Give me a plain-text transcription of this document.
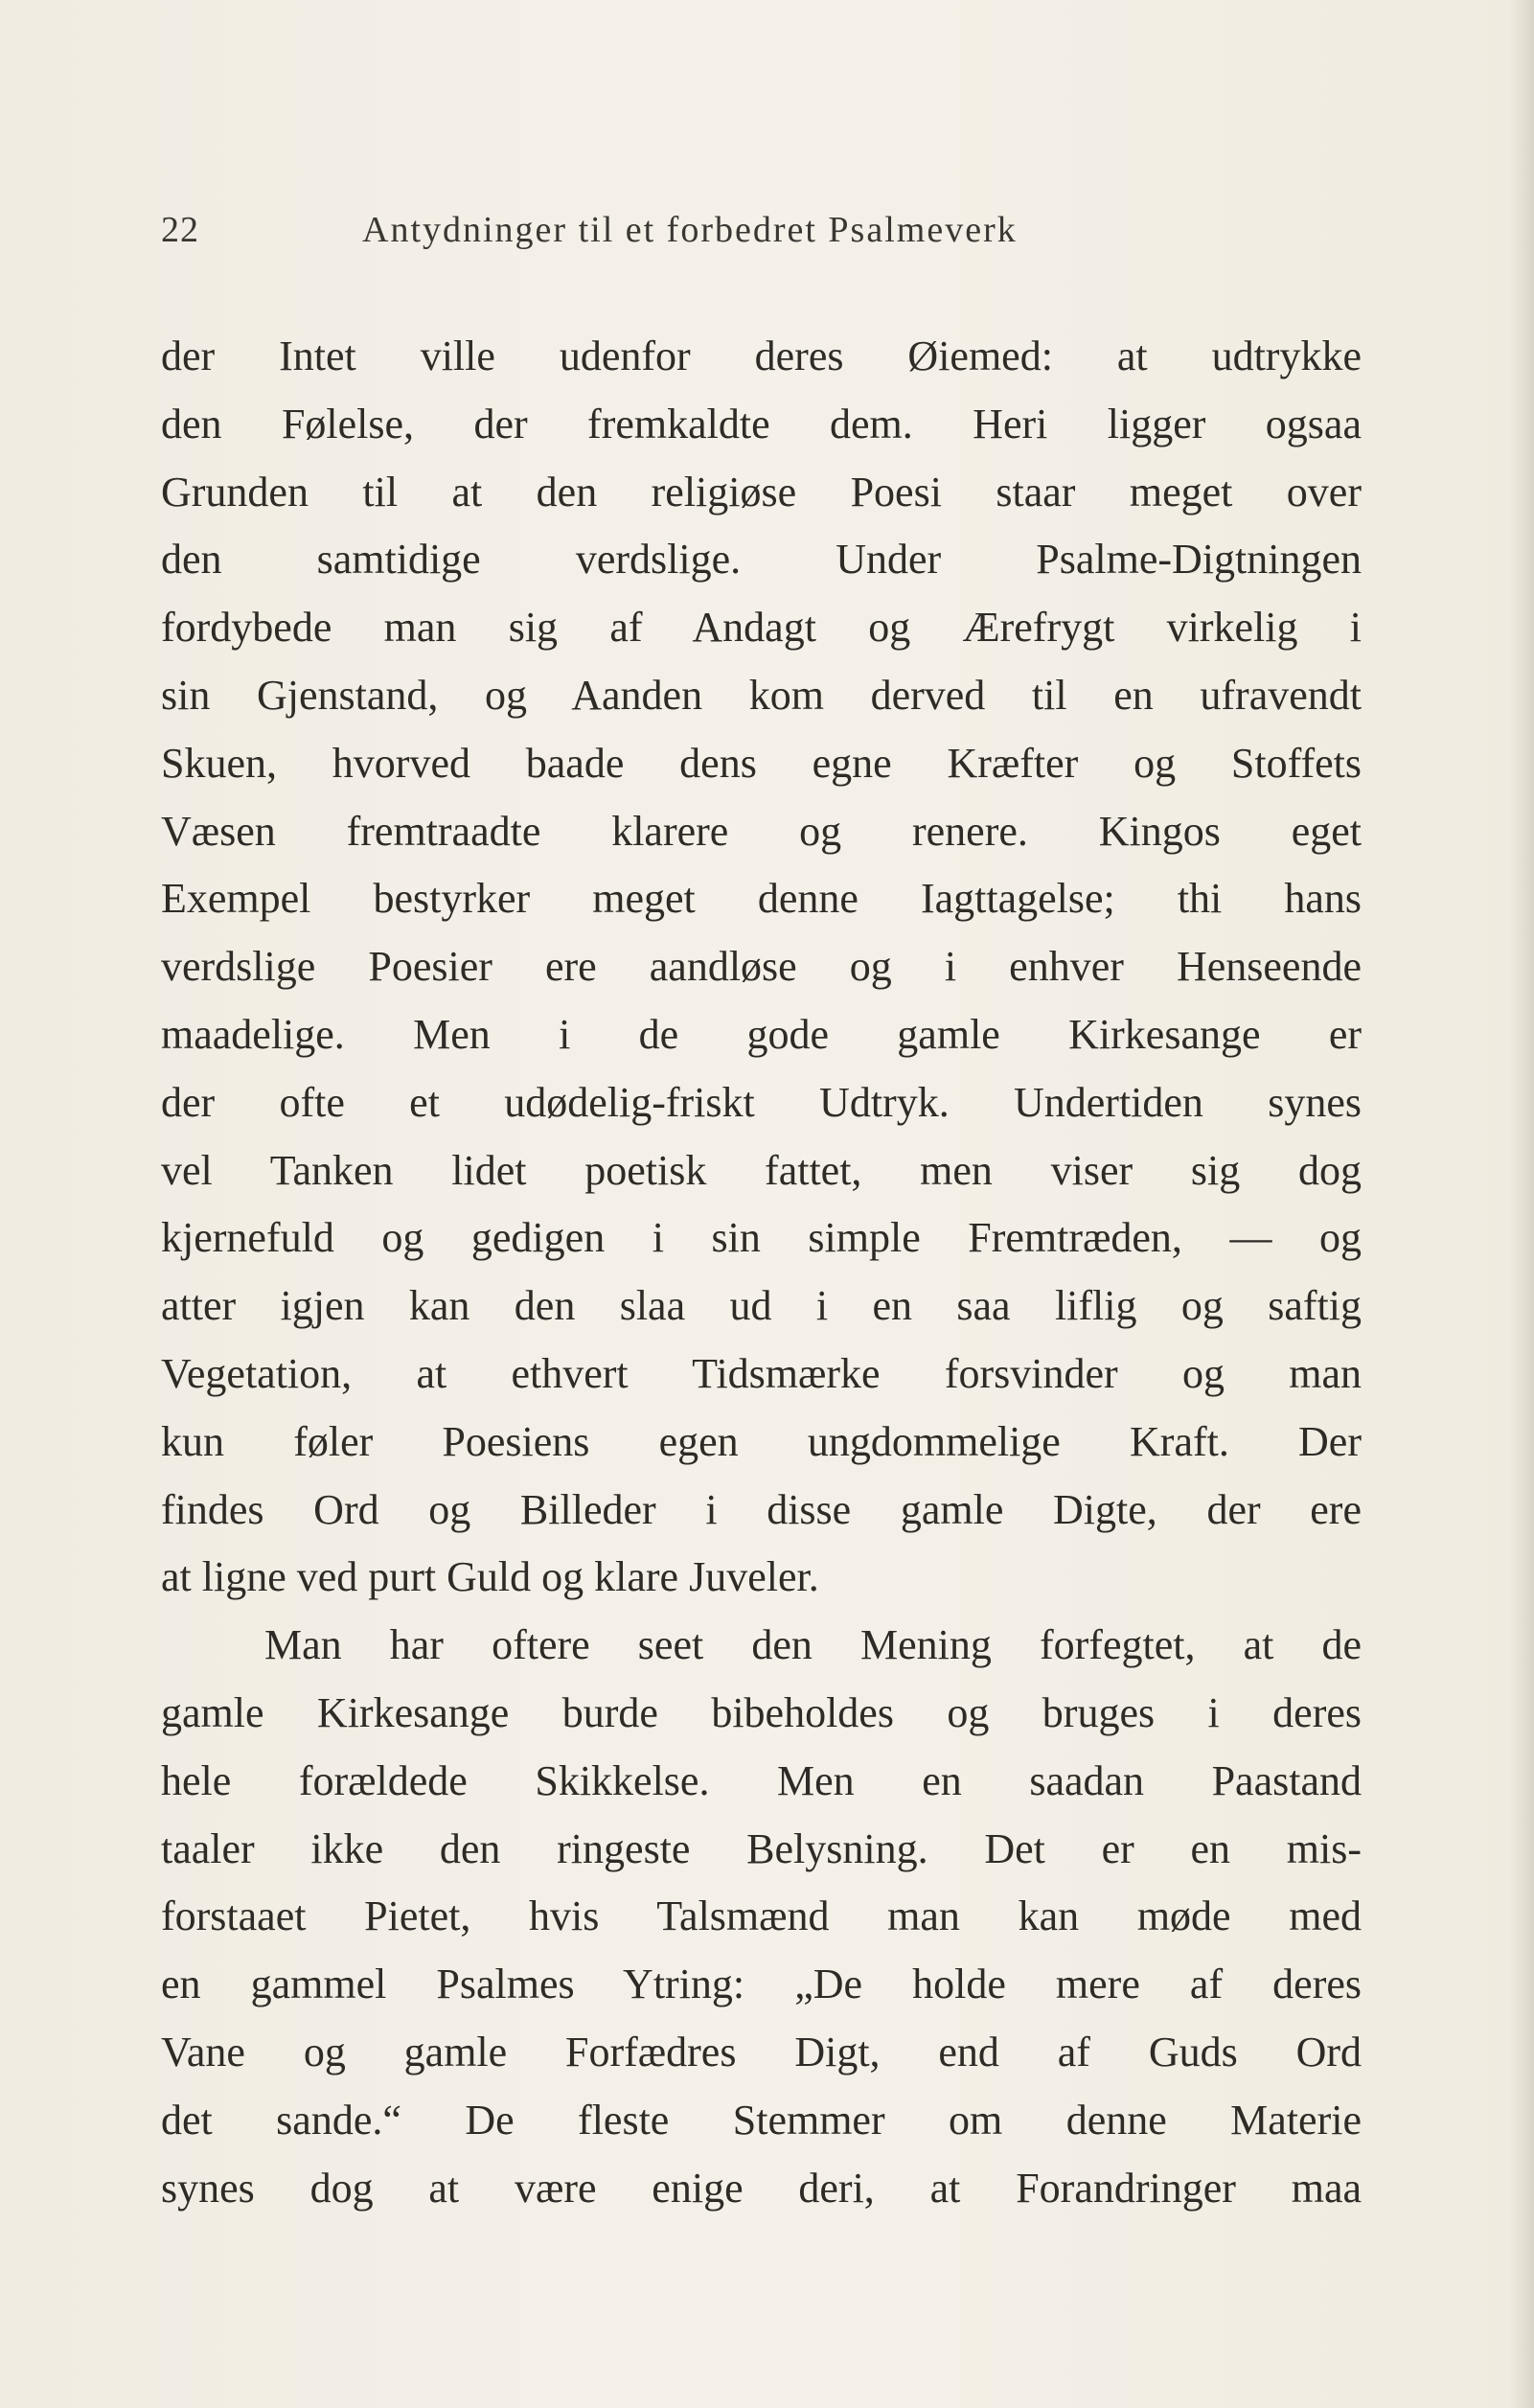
22	Antydninger til et forbedret Psalmeverk
der Intet ville udenfor deres Øiemed: at udtrykke
den Følelse, der fremkaldte dem. Heri ligger ogsaa
Grunden til at den religiøse Poesi staar meget over
den samtidige verdslige. Under Psalme-Digtningen
fordybede man sig af Andagt og Ærefrygt virkelig i
sin Gjenstand, og Aanden kom derved til en ufravendt
Skuen, hvorved baade dens egne Kræfter og Stoffets
Væsen fremtraadte klarere og renere. Kingos eget
Exempel bestyrker meget denne Iagttagelse; thi hans
verdslige Poesier ere aandløse og i enhver Henseende
maadelige. Men i de gode gamle Kirkesange er
der ofte et udødelig-friskt Udtryk. Undertiden synes
vel Tanken lidet poetisk fattet, men viser sig dog
kjernefuld og gedigen i sin simple Fremtræden, — og
atter igjen kan den slaa ud i en saa liflig og saftig
Vegetation, at ethvert Tidsmærke forsvinder og man
kun føler Poesiens egen ungdommelige Kraft. Der
findes Ord og Billeder i disse gamle Digte, der ere
at ligne ved purt Guld og klare Juveler.
Man har oftere seet den Mening forfegtet, at de
gamle Kirkesange burde bibeholdes og bruges i deres
hele forældede Skikkelse. Men en saadan Paastand
taaler ikke den ringeste Belysning. Det er en mis-
forstaaet Pietet, hvis Talsmænd man kan møde med
en gammel Psalmes Ytring: „De holde mere af deres
Vane og gamle Forfædres Digt, end af Guds Ord
det sande.“ De fleste Stemmer om denne Materie
synes dog at være enige deri, at Forandringer maa
